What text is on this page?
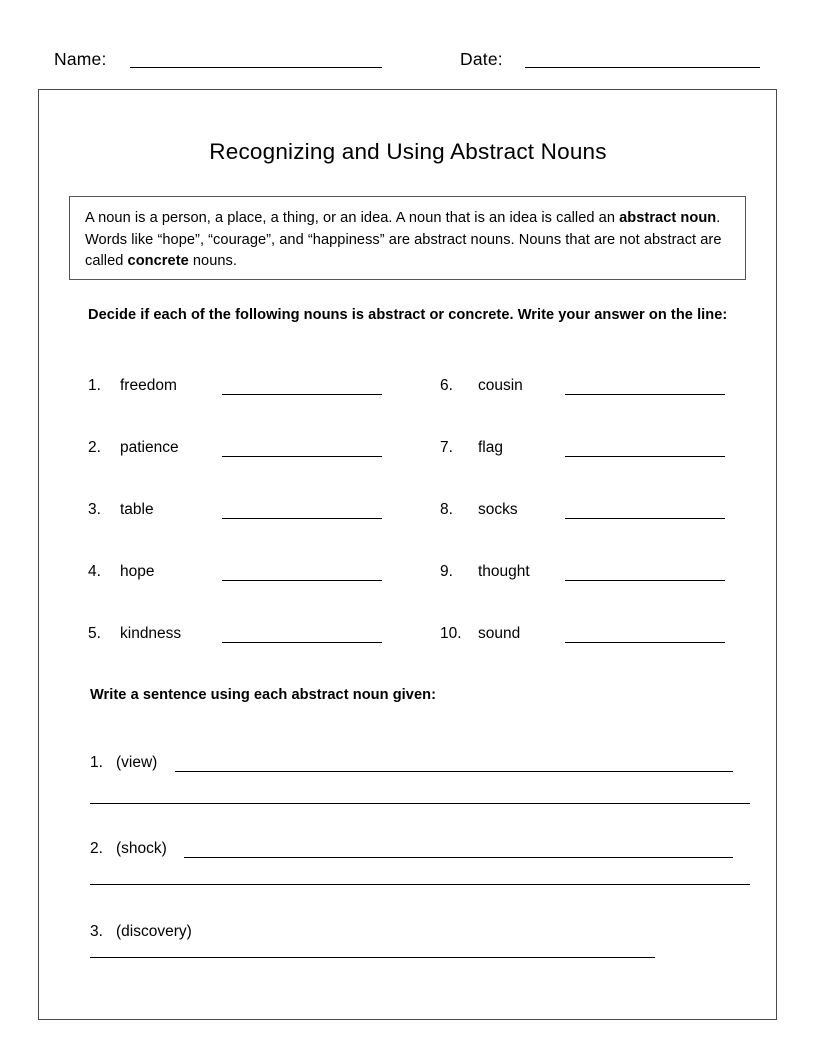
Name:	Date:
Recognizing and Using Abstract Nouns
A noun is a person, a place, a thing, or an idea. A noun that is an idea is called an abstract noun. Words like “hope”, “courage”, and “happiness” are abstract nouns. Nouns that are not abstract are called concrete nouns.
Decide if each of the following nouns is abstract or concrete. Write your answer on the line:
1.	freedom
2.	patience
3.	table
4.	hope
5.	kindness
6.	cousin
7.	flag
8.	socks
9.	thought
10.	sound
Write a sentence using each abstract noun given:
1. (view)
2. (shock)
3. (discovery)
